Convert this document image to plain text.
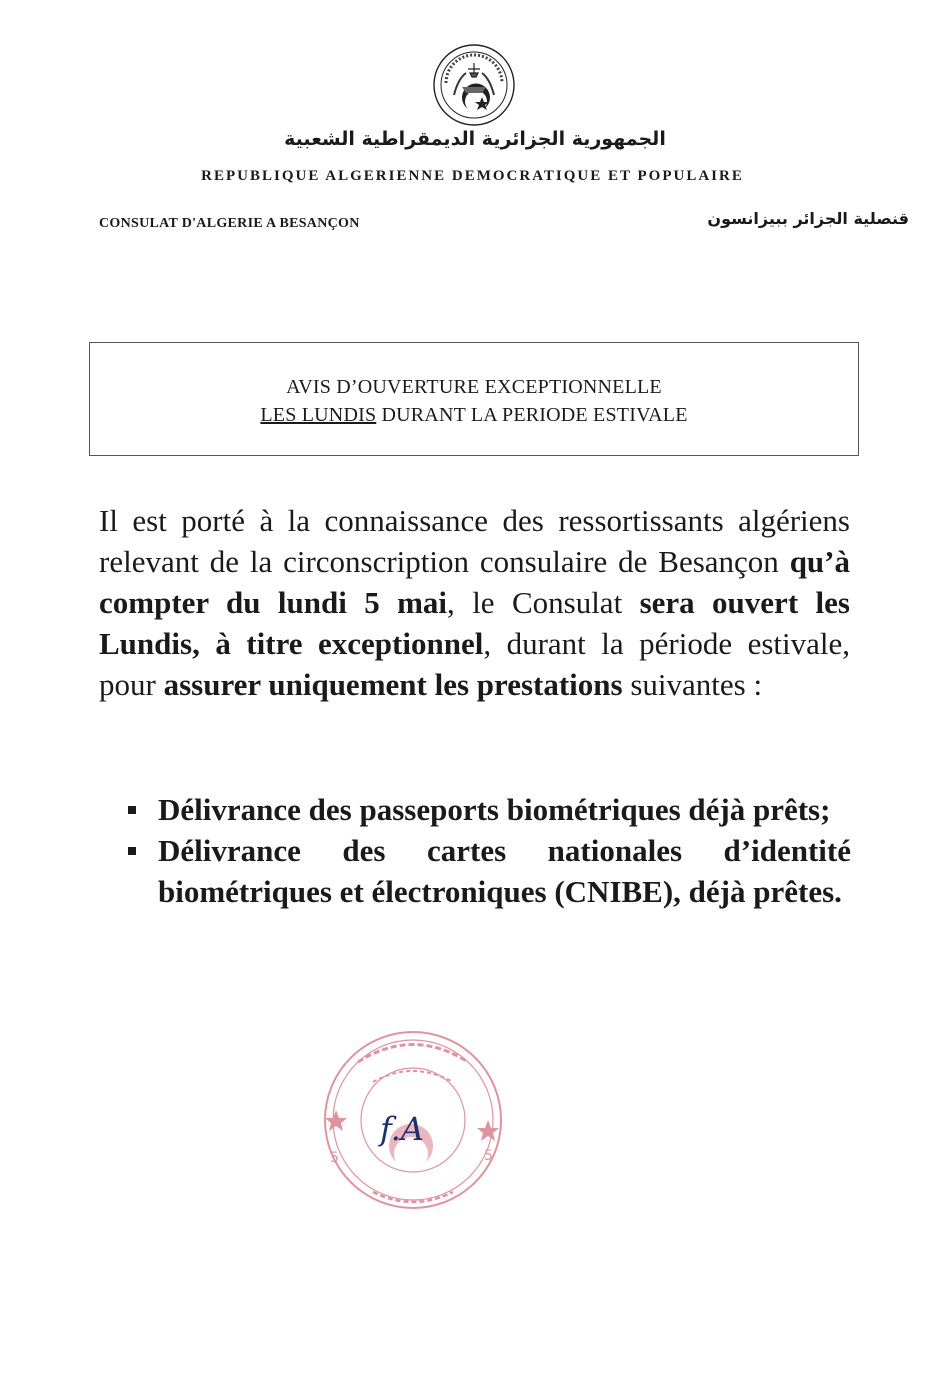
الجمهورية الجزائرية الديمقراطية الشعبية
REPUBLIQUE ALGERIENNE DEMOCRATIQUE ET POPULAIRE
CONSULAT D'ALGERIE A BESANÇON	قنصلية الجزائر ببيزانسون
AVIS D’OUVERTURE EXCEPTIONNELLE
LES LUNDIS DURANT LA PERIODE ESTIVALE
Il est porté à la connaissance des ressortissants algériens relevant de la circonscription consulaire de Besançon qu’à compter du lundi 5 mai, le Consulat sera ouvert les Lundis, à titre exceptionnel, durant la période estivale, pour assurer uniquement les prestations suivantes :
Délivrance des passeports biométriques déjà prêts;
Délivrance des cartes nationales d’identité biométriques et électroniques (CNIBE), déjà prêtes.
5	5
f.A
